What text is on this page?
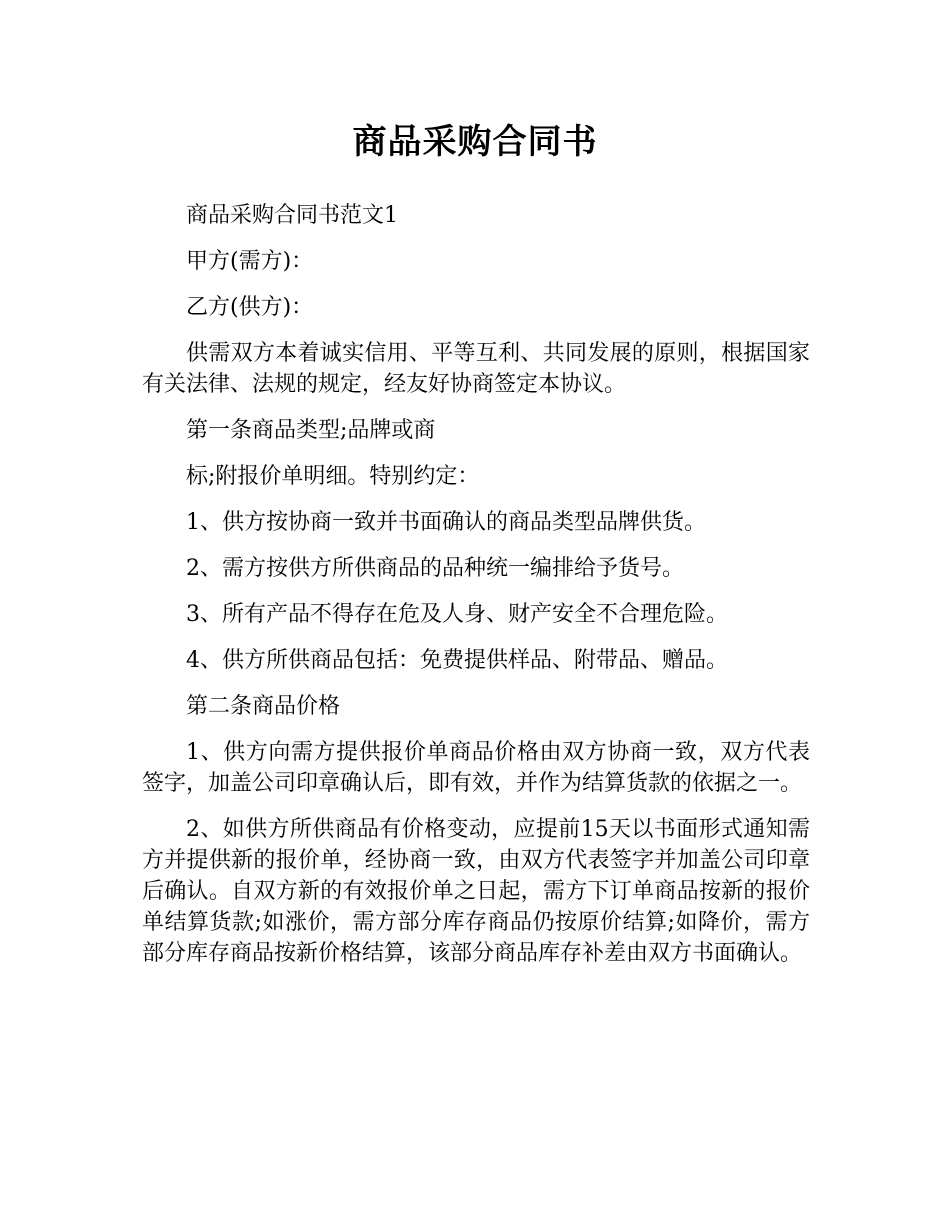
商品采购合同书

商品采购合同书范文1

甲方(需方)：

乙方(供方)：

供需双方本着诚实信用、平等互利、共同发展的原则，根据国家有关法律、法规的规定，经友好协商签定本协议。

第一条商品类型;品牌或商

标;附报价单明细。特别约定：

1、供方按协商一致并书面确认的商品类型品牌供货。

2、需方按供方所供商品的品种统一编排给予货号。

3、所有产品不得存在危及人身、财产安全不合理危险。

4、供方所供商品包括：免费提供样品、附带品、赠品。

第二条商品价格

1、供方向需方提供报价单商品价格由双方协商一致，双方代表签字，加盖公司印章确认后，即有效，并作为结算货款的依据之一。

2、如供方所供商品有价格变动，应提前15天以书面形式通知需方并提供新的报价单，经协商一致，由双方代表签字并加盖公司印章后确认。自双方新的有效报价单之日起，需方下订单商品按新的报价单结算货款;如涨价，需方部分库存商品仍按原价结算;如降价，需方部分库存商品按新价格结算，该部分商品库存补差由双方书面确认。
